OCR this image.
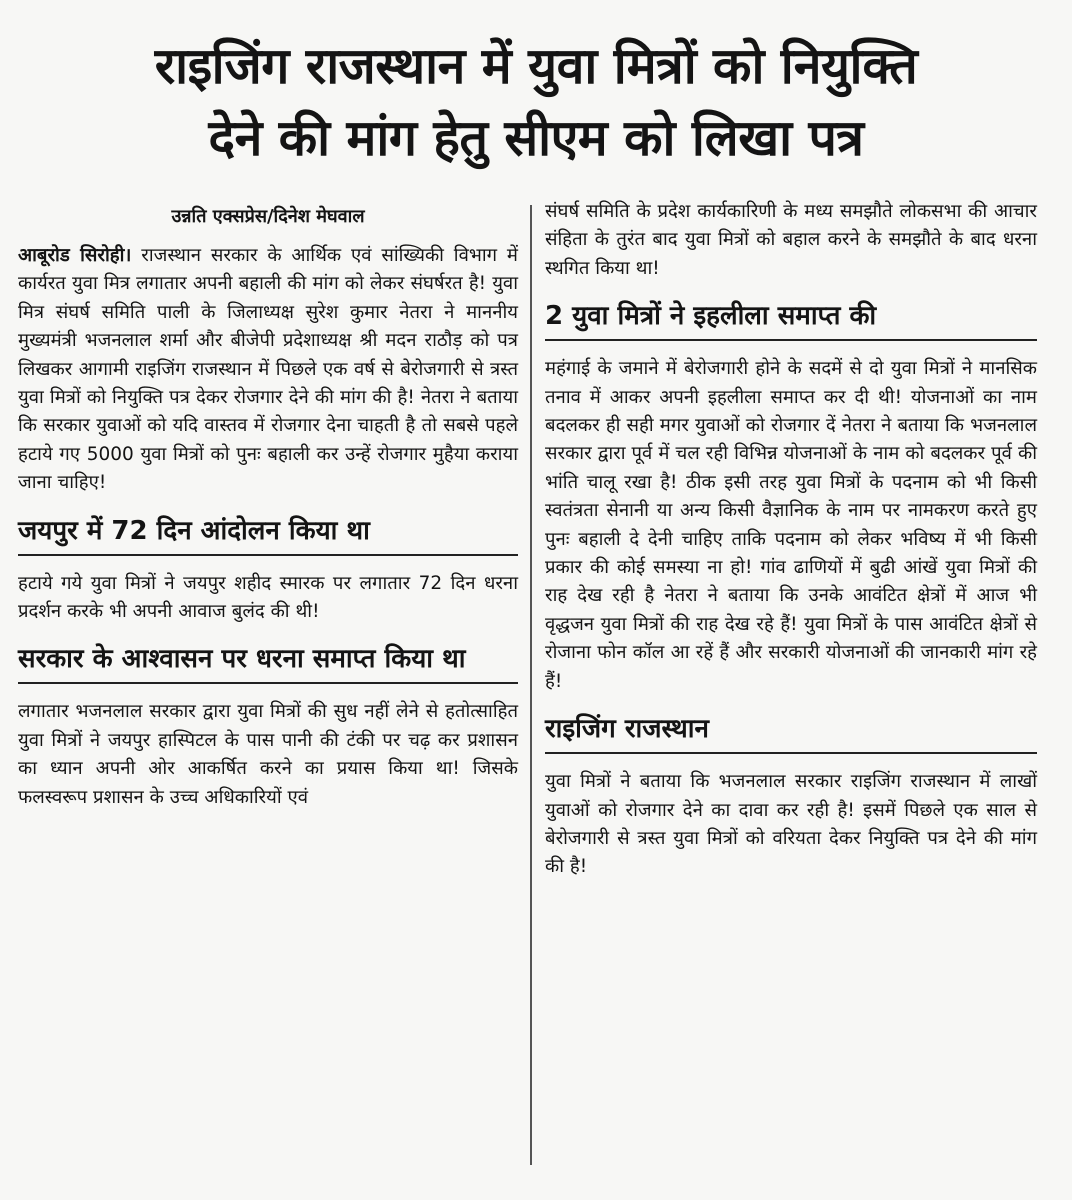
राइजिंग राजस्थान में युवा मित्रों को नियुक्ति
देने की मांग हेतु सीएम को लिखा पत्र
उन्नति एक्सप्रेस/दिनेश मेघवाल

आबूरोड सिरोही। राजस्थान सरकार के आर्थिक एवं सांख्यिकी विभाग में कार्यरत युवा मित्र लगातार अपनी बहाली की मांग को लेकर संघर्षरत है! युवा मित्र संघर्ष समिति पाली के जिलाध्यक्ष सुरेश कुमार नेतरा ने माननीय मुख्यमंत्री भजनलाल शर्मा और बीजेपी प्रदेशाध्यक्ष श्री मदन राठौड़ को पत्र लिखकर आगामी राइजिंग राजस्थान में पिछले एक वर्ष से बेरोजगारी से त्रस्त युवा मित्रों को नियुक्ति पत्र देकर रोजगार देने की मांग की है! नेतरा ने बताया कि सरकार युवाओं को यदि वास्तव में रोजगार देना चाहती है तो सबसे पहले हटाये गए 5000 युवा मित्रों को पुनः बहाली कर उन्हें रोजगार मुहैया कराया जाना चाहिए!

जयपुर में 72 दिन आंदोलन किया था

हटाये गये युवा मित्रों ने जयपुर शहीद स्मारक पर लगातार 72 दिन धरना प्रदर्शन करके भी अपनी आवाज बुलंद की थी!

सरकार के आश्वासन पर धरना समाप्त किया था

लगातार भजनलाल सरकार द्वारा युवा मित्रों की सुध नहीं लेने से हतोत्साहित युवा मित्रों ने जयपुर हास्पिटल के पास पानी की टंकी पर चढ़ कर प्रशासन का ध्यान अपनी ओर आकर्षित करने का प्रयास किया था! जिसके फलस्वरूप प्रशासन के उच्च अधिकारियों एवं

संघर्ष समिति के प्रदेश कार्यकारिणी के मध्य समझौते लोकसभा की आचार संहिता के तुरंत बाद युवा मित्रों को बहाल करने के समझौते के बाद धरना स्थगित किया था!

2 युवा मित्रों ने इहलीला समाप्त की

महंगाई के जमाने में बेरोजगारी होने के सदमें से दो युवा मित्रों ने मानसिक तनाव में आकर अपनी इहलीला समाप्त कर दी थी! योजनाओं का नाम बदलकर ही सही मगर युवाओं को रोजगार दें नेतरा ने बताया कि भजनलाल सरकार द्वारा पूर्व में चल रही विभिन्न योजनाओं के नाम को बदलकर पूर्व की भांति चालू रखा है! ठीक इसी तरह युवा मित्रों के पदनाम को भी किसी स्वतंत्रता सेनानी या अन्य किसी वैज्ञानिक के नाम पर नामकरण करते हुए पुनः बहाली दे देनी चाहिए ताकि पदनाम को लेकर भविष्य में भी किसी प्रकार की कोई समस्या ना हो! गांव ढाणियों में बुढी आंखें युवा मित्रों की राह देख रही है नेतरा ने बताया कि उनके आवंटित क्षेत्रों में आज भी वृद्धजन युवा मित्रों की राह देख रहे हैं! युवा मित्रों के पास आवंटित क्षेत्रों से रोजाना फोन कॉल आ रहें हैं और सरकारी योजनाओं की जानकारी मांग रहे हैं!

राइजिंग राजस्थान

युवा मित्रों ने बताया कि भजनलाल सरकार राइजिंग राजस्थान में लाखों युवाओं को रोजगार देने का दावा कर रही है! इसमें पिछले एक साल से बेरोजगारी से त्रस्त युवा मित्रों को वरियता देकर नियुक्ति पत्र देने की मांग की है!
